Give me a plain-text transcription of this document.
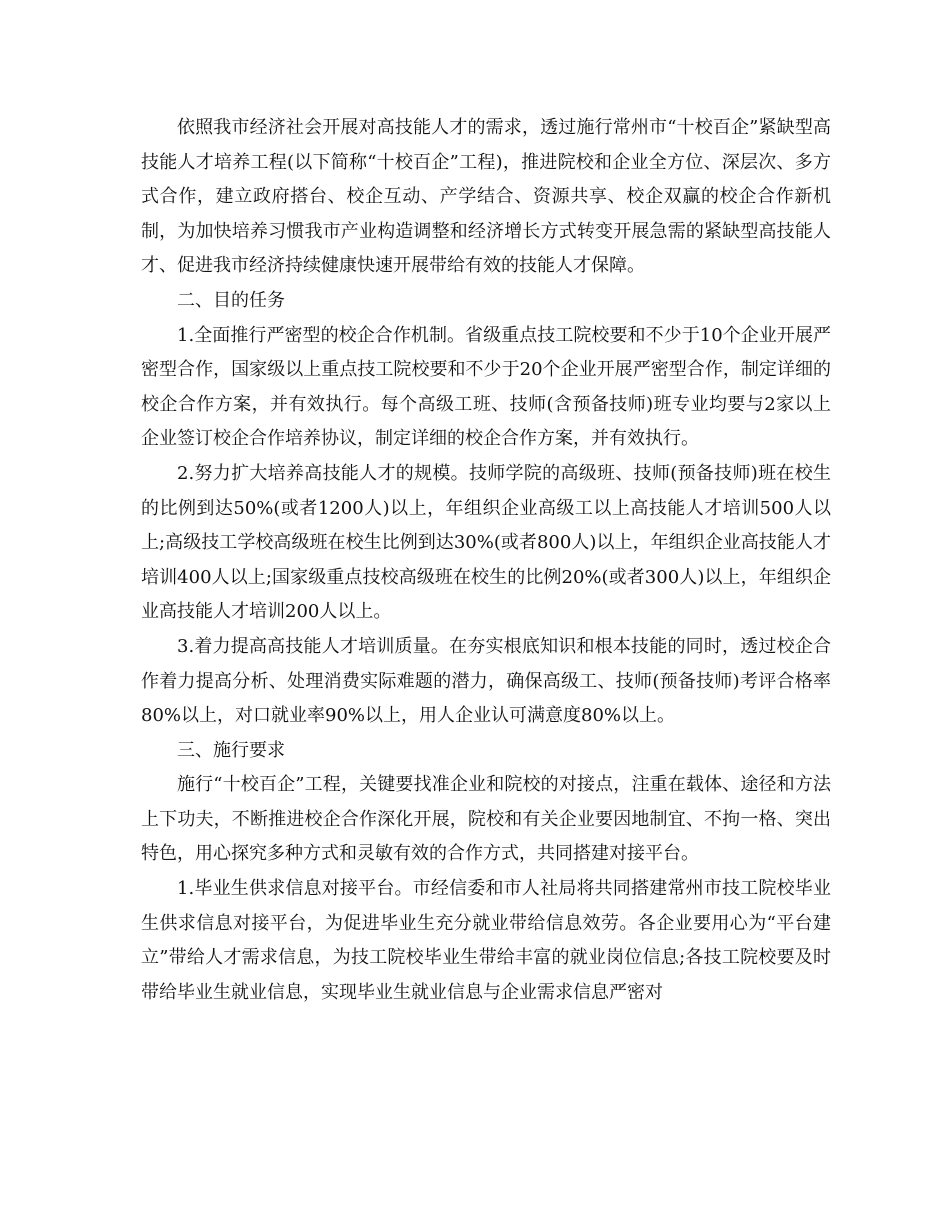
依照我市经济社会开展对高技能人才的需求，透过施行常州市“十校百企”紧缺型高技能人才培养工程(以下简称“十校百企”工程)，推进院校和企业全方位、深层次、多方式合作，建立政府搭台、校企互动、产学结合、资源共享、校企双赢的校企合作新机制，为加快培养习惯我市产业构造调整和经济增长方式转变开展急需的紧缺型高技能人才、促进我市经济持续健康快速开展带给有效的技能人才保障。

二、目的任务

1.全面推行严密型的校企合作机制。省级重点技工院校要和不少于10个企业开展严密型合作，国家级以上重点技工院校要和不少于20个企业开展严密型合作，制定详细的校企合作方案，并有效执行。每个高级工班、技师(含预备技师)班专业均要与2家以上企业签订校企合作培养协议，制定详细的校企合作方案，并有效执行。

2.努力扩大培养高技能人才的规模。技师学院的高级班、技师(预备技师)班在校生的比例到达50%(或者1200人)以上，年组织企业高级工以上高技能人才培训500人以上;高级技工学校高级班在校生比例到达30%(或者800人)以上，年组织企业高技能人才培训400人以上;国家级重点技校高级班在校生的比例20%(或者300人)以上，年组织企业高技能人才培训200人以上。

3.着力提高高技能人才培训质量。在夯实根底知识和根本技能的同时，透过校企合作着力提高分析、处理消费实际难题的潜力，确保高级工、技师(预备技师)考评合格率80%以上，对口就业率90%以上，用人企业认可满意度80%以上。

三、施行要求

施行“十校百企”工程，关键要找准企业和院校的对接点，注重在载体、途径和方法上下功夫，不断推进校企合作深化开展，院校和有关企业要因地制宜、不拘一格、突出特色，用心探究多种方式和灵敏有效的合作方式，共同搭建对接平台。

1.毕业生供求信息对接平台。市经信委和市人社局将共同搭建常州市技工院校毕业生供求信息对接平台，为促进毕业生充分就业带给信息效劳。各企业要用心为“平台建立”带给人才需求信息，为技工院校毕业生带给丰富的就业岗位信息;各技工院校要及时带给毕业生就业信息，实现毕业生就业信息与企业需求信息严密对
